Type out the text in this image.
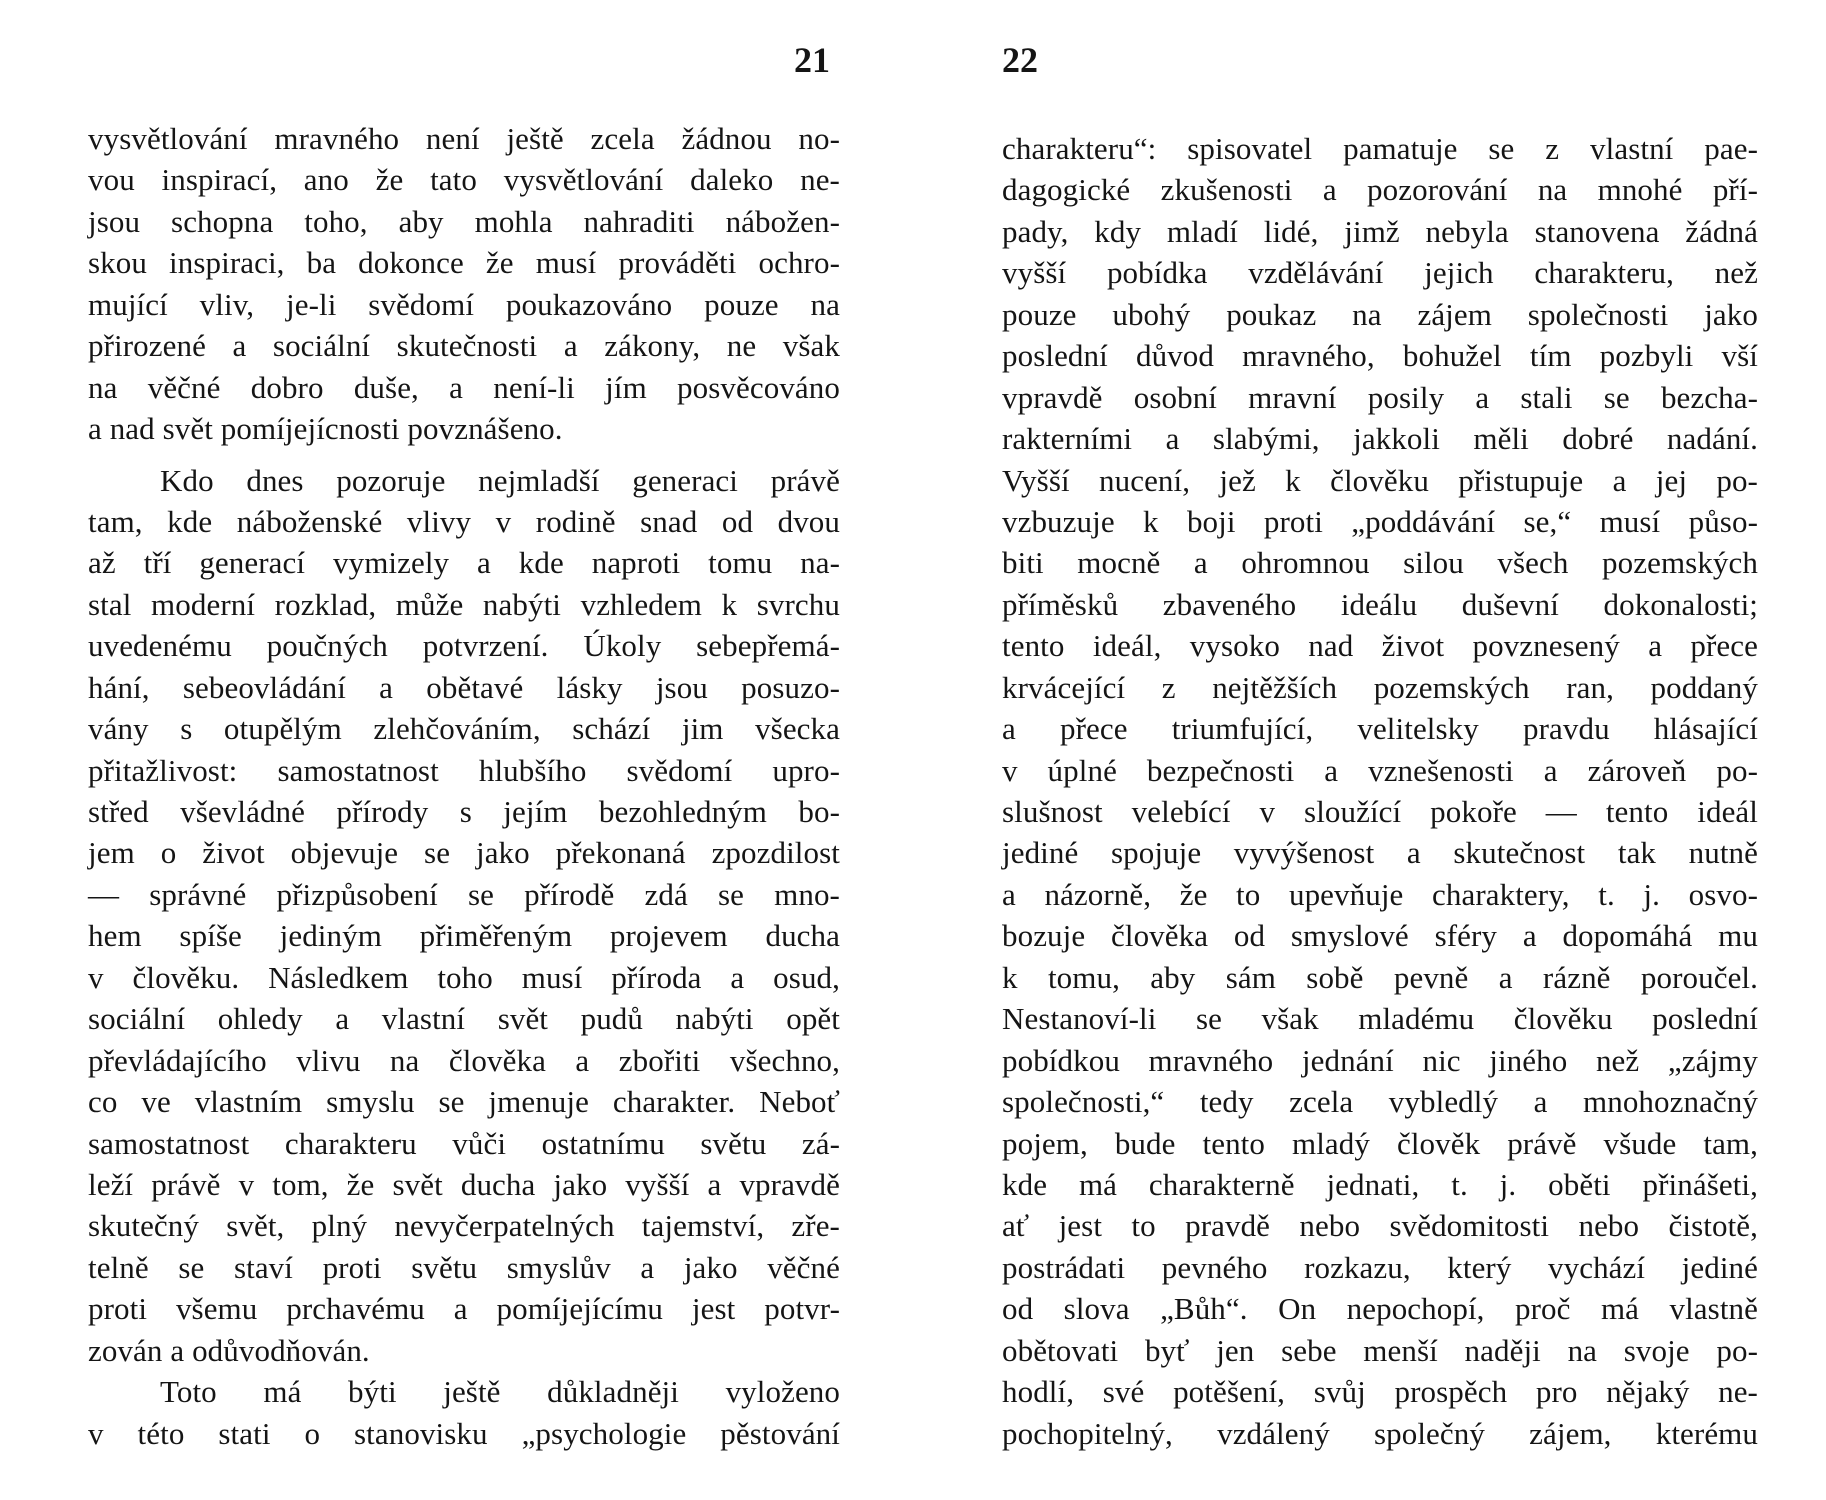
21
vysvětlování mravného není ještě zcela žádnou no-
vou inspirací, ano že tato vysvětlování daleko ne-
jsou schopna toho, aby mohla nahraditi nábožen-
skou inspiraci, ba dokonce že musí prováděti ochro-
mující vliv, je-li svědomí poukazováno pouze na
přirozené a sociální skutečnosti a zákony, ne však
na věčné dobro duše, a není-li jím posvěcováno
a nad svět pomíjejícnosti povznášeno.
Kdo dnes pozoruje nejmladší generaci právě
tam, kde náboženské vlivy v rodině snad od dvou
až tří generací vymizely a kde naproti tomu na-
stal moderní rozklad, může nabýti vzhledem k svrchu
uvedenému poučných potvrzení. Úkoly sebepřemá-
hání, sebeovládání a obětavé lásky jsou posuzo-
vány s otupělým zlehčováním, schází jim všecka
přitažlivost: samostatnost hlubšího svědomí upro-
střed vševládné přírody s jejím bezohledným bo-
jem o život objevuje se jako překonaná zpozdilost
— správné přizpůsobení se přírodě zdá se mno-
hem spíše jediným přiměřeným projevem ducha
v člověku. Následkem toho musí příroda a osud,
sociální ohledy a vlastní svět pudů nabýti opět
převládajícího vlivu na člověka a zbořiti všechno,
co ve vlastním smyslu se jmenuje charakter. Neboť
samostatnost charakteru vůči ostatnímu světu zá-
leží právě v tom, že svět ducha jako vyšší a vpravdě
skutečný svět, plný nevyčerpatelných tajemství, zře-
telně se staví proti světu smyslův a jako věčné
proti všemu prchavému a pomíjejícímu jest potvr-
zován a odůvodňován.
Toto má býti ještě důkladněji vyloženo
v této stati o stanovisku „psychologie pěstování
22
charakteru“: spisovatel pamatuje se z vlastní pae-
dagogické zkušenosti a pozorování na mnohé pří-
pady, kdy mladí lidé, jimž nebyla stanovena žádná
vyšší pobídka vzdělávání jejich charakteru, než
pouze ubohý poukaz na zájem společnosti jako
poslední důvod mravného, bohužel tím pozbyli vší
vpravdě osobní mravní posily a stali se bezcha-
rakterními a slabými, jakkoli měli dobré nadání.
Vyšší nucení, jež k člověku přistupuje a jej po-
vzbuzuje k boji proti „poddávání se,“ musí půso-
biti mocně a ohromnou silou všech pozemských
příměsků zbaveného ideálu duševní dokonalosti;
tento ideál, vysoko nad život povznesený a přece
krvácející z nejtěžších pozemských ran, poddaný
a přece triumfující, velitelsky pravdu hlásající
v úplné bezpečnosti a vznešenosti a zároveň po-
slušnost velebící v sloužící pokoře — tento ideál
jediné spojuje vyvýšenost a skutečnost tak nutně
a názorně, že to upevňuje charaktery, t. j. osvo-
bozuje člověka od smyslové sféry a dopomáhá mu
k tomu, aby sám sobě pevně a rázně poroučel.
Nestanoví-li se však mladému člověku poslední
pobídkou mravného jednání nic jiného než „zájmy
společnosti,“ tedy zcela vybledlý a mnohoznačný
pojem, bude tento mladý člověk právě všude tam,
kde má charakterně jednati, t. j. oběti přinášeti,
ať jest to pravdě nebo svědomitosti nebo čistotě,
postrádati pevného rozkazu, který vychází jediné
od slova „Bůh“. On nepochopí, proč má vlastně
obětovati byť jen sebe menší naději na svoje po-
hodlí, své potěšení, svůj prospěch pro nějaký ne-
pochopitelný, vzdálený společný zájem, kterému
